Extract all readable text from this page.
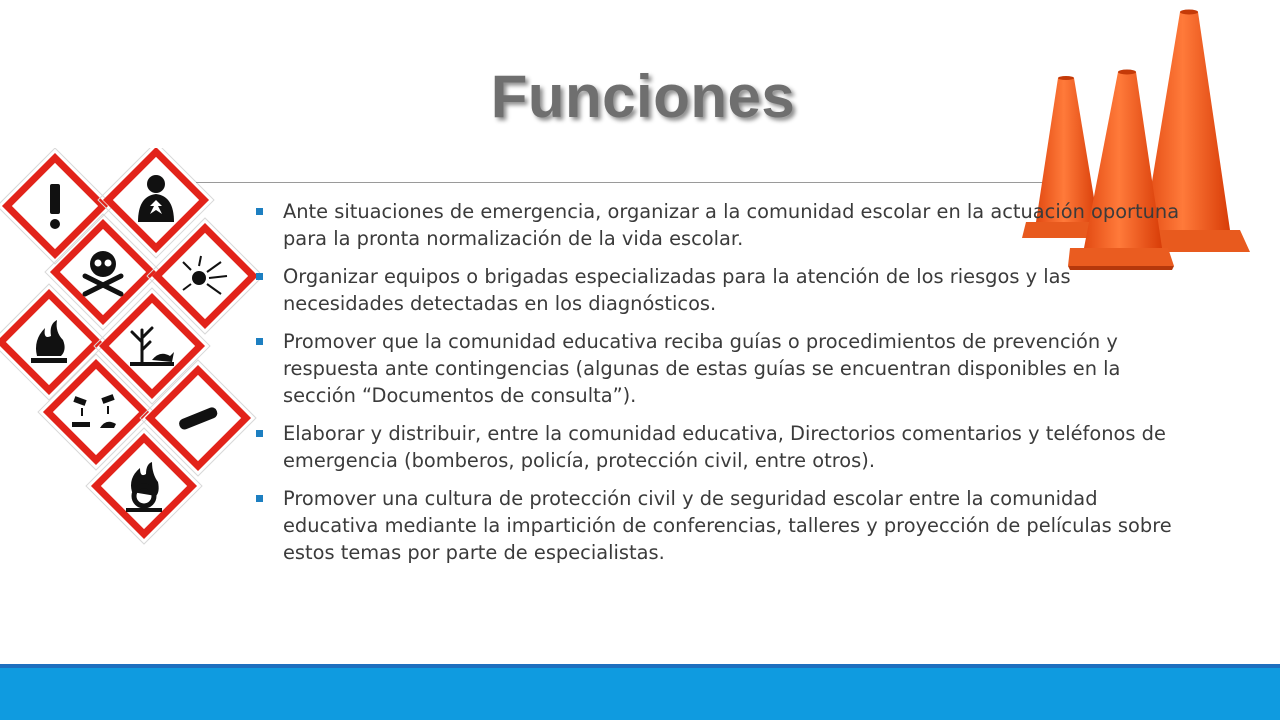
Funciones
Ante situaciones de emergencia, organizar a la comunidad escolar en la actuación oportuna para la pronta normalización de la vida escolar.
Organizar equipos o brigadas especializadas para la atención de los riesgos y las necesidades detectadas en los diagnósticos.
Promover que la comunidad educativa reciba guías o procedimientos de prevención y respuesta ante contingencias (algunas de estas guías se encuentran disponibles en la sección “Documentos de consulta”).
Elaborar y distribuir, entre la comunidad educativa, Directorios comentarios y teléfonos de emergencia (bomberos, policía, protección civil, entre otros).
Promover una cultura de protección civil y de seguridad escolar entre la comunidad educativa mediante la impartición de conferencias, talleres y proyección de películas sobre estos temas por parte de especialistas.
